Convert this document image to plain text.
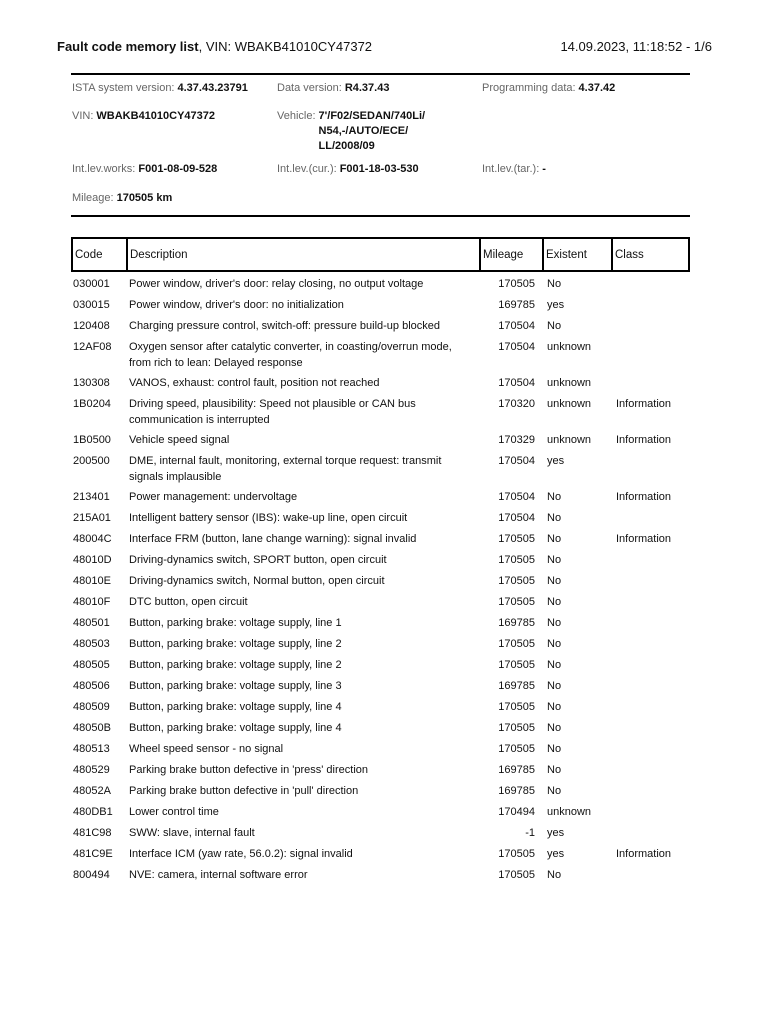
Fault code memory list, VIN: WBAKB41010CY47372	14.09.2023, 11:18:52 - 1/6
ISTA system version: 4.37.43.23791	Data version: R4.37.43	Programming data: 4.37.42
VIN: WBAKB41010CY47372	Vehicle: 7'/F02/SEDAN/740Li/ N54,-/AUTO/ECE/ LL/2008/09
Int.lev.works: F001-08-09-528	Int.lev.(cur.): F001-18-03-530	Int.lev.(tar.): -
Mileage: 170505 km
Code	Description	Mileage	Existent	Class
030001	Power window, driver's door: relay closing, no output voltage	170505	No	
030015	Power window, driver's door: no initialization	169785	yes	
120408	Charging pressure control, switch-off: pressure build-up blocked	170504	No	
12AF08	Oxygen sensor after catalytic converter, in coasting/overrun mode, from rich to lean: Delayed response	170504	unknown	
130308	VANOS, exhaust: control fault, position not reached	170504	unknown	
1B0204	Driving speed, plausibility: Speed not plausible or CAN bus communication is interrupted	170320	unknown	Information
1B0500	Vehicle speed signal	170329	unknown	Information
200500	DME, internal fault, monitoring, external torque request: transmit signals implausible	170504	yes	
213401	Power management: undervoltage	170504	No	Information
215A01	Intelligent battery sensor (IBS): wake-up line, open circuit	170504	No	
48004C	Interface FRM (button, lane change warning): signal invalid	170505	No	Information
48010D	Driving-dynamics switch, SPORT button, open circuit	170505	No	
48010E	Driving-dynamics switch, Normal button, open circuit	170505	No	
48010F	DTC button, open circuit	170505	No	
480501	Button, parking brake: voltage supply, line 1	169785	No	
480503	Button, parking brake: voltage supply, line 2	170505	No	
480505	Button, parking brake: voltage supply, line 2	170505	No	
480506	Button, parking brake: voltage supply, line 3	169785	No	
480509	Button, parking brake: voltage supply, line 4	170505	No	
48050B	Button, parking brake: voltage supply, line 4	170505	No	
480513	Wheel speed sensor - no signal	170505	No	
480529	Parking brake button defective in 'press' direction	169785	No	
48052A	Parking brake button defective in 'pull' direction	169785	No	
480DB1	Lower control time	170494	unknown	
481C98	SWW: slave, internal fault	-1	yes	
481C9E	Interface ICM (yaw rate, 56.0.2): signal invalid	170505	yes	Information
800494	NVE: camera, internal software error	170505	No	
